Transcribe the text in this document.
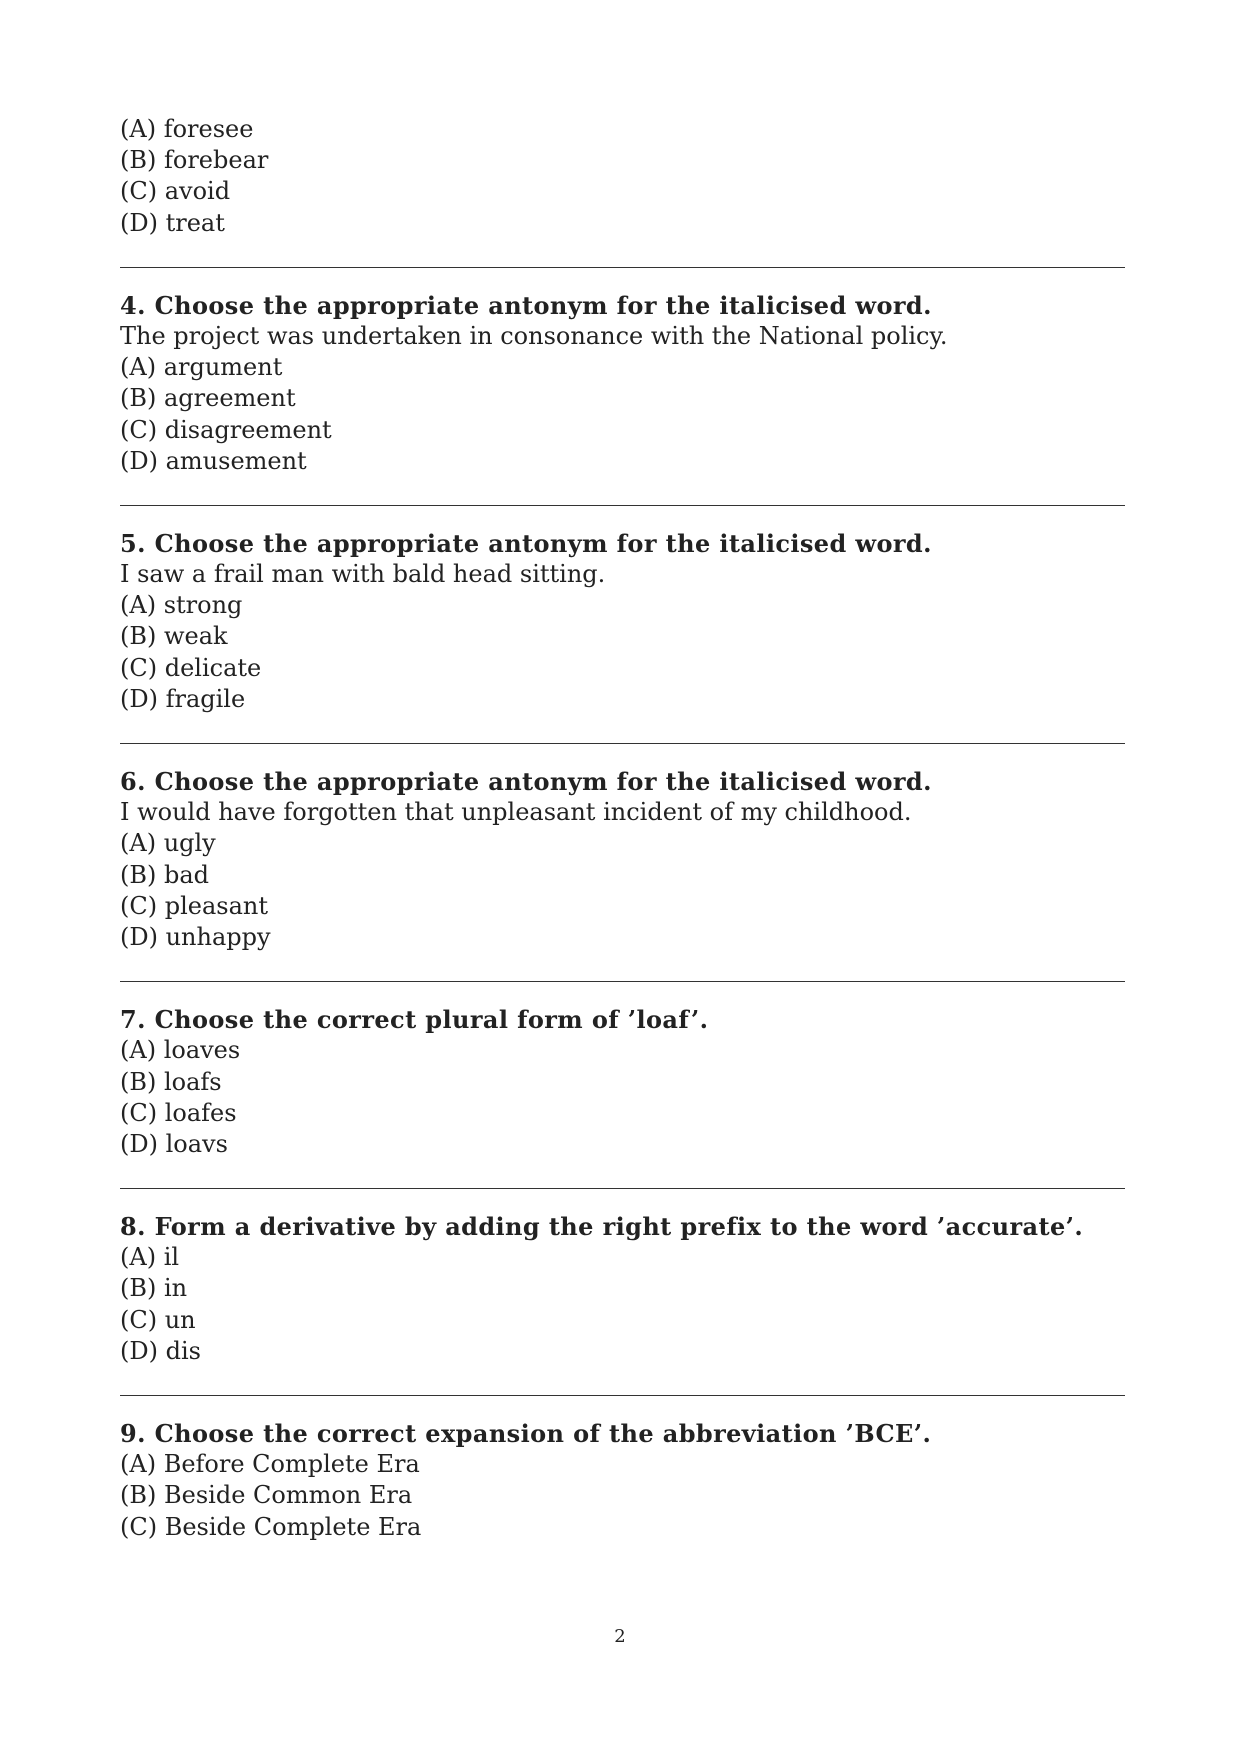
(A) foresee
(B) forebear
(C) avoid
(D) treat
4. Choose the appropriate antonym for the italicised word.
The project was undertaken in consonance with the National policy.
(A) argument
(B) agreement
(C) disagreement
(D) amusement
5. Choose the appropriate antonym for the italicised word.
I saw a frail man with bald head sitting.
(A) strong
(B) weak
(C) delicate
(D) fragile
6. Choose the appropriate antonym for the italicised word.
I would have forgotten that unpleasant incident of my childhood.
(A) ugly
(B) bad
(C) pleasant
(D) unhappy
7. Choose the correct plural form of ’loaf’.
(A) loaves
(B) loafs
(C) loafes
(D) loavs
8. Form a derivative by adding the right prefix to the word ’accurate’.
(A) il
(B) in
(C) un
(D) dis
9. Choose the correct expansion of the abbreviation ’BCE’.
(A) Before Complete Era
(B) Beside Common Era
(C) Beside Complete Era
2
